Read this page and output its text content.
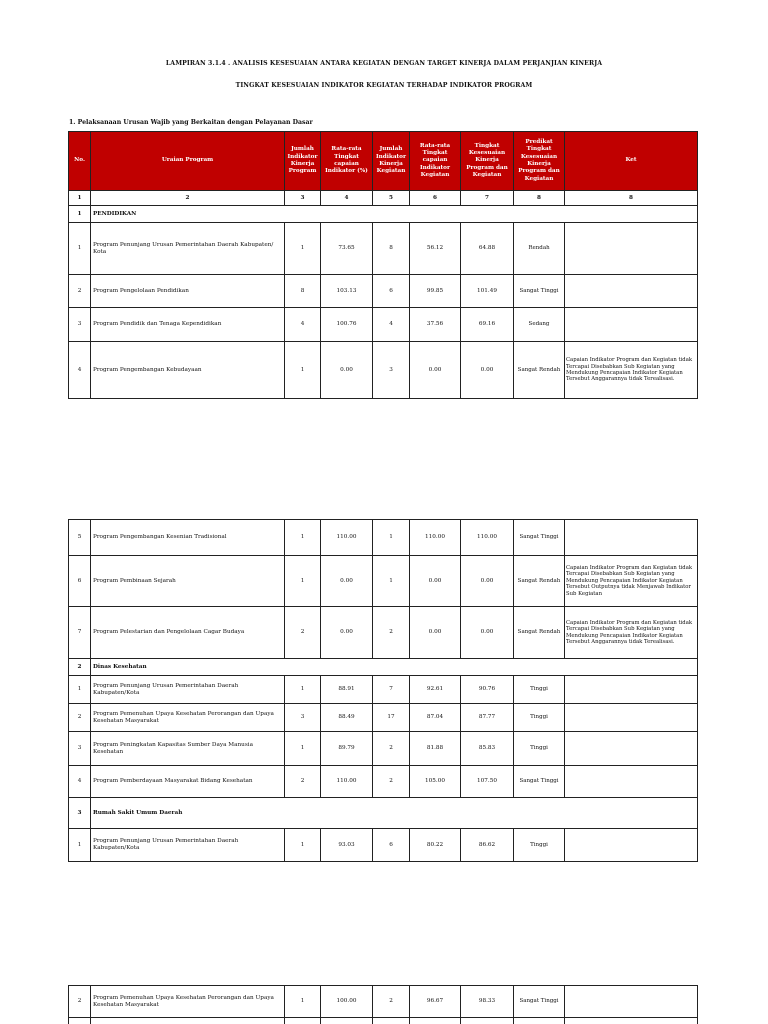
LAMPIRAN 3.1.4 . ANALISIS KESESUAIAN ANTARA KEGIATAN DENGAN TARGET KINERJA DALAM PERJANJIAN KINERJA
TINGKAT KESESUAIAN INDIKATOR KEGIATAN TERHADAP INDIKATOR PROGRAM
1. Pelaksanaan Urusan Wajib yang Berkaitan dengan Pelayanan Dasar
No.	Uraian Program	Jumlah Indikator Kinerja Program	Rata-rata Tingkat capaian Indikator (%)	Jumlah Indikator Kinerja Kegiatan	Rata-rata Tingkat capaian Indikator Kegiatan	Tingkat Kesesuaian Kinerja Program dan Kegiatan	Predikat Tingkat Kesesuaian Kinerja Program dan Kegiatan	Ket
1	2	3	4	5	6	7	8	8
1	PENDIDIKAN							
1	Program Penunjang Urusan Pemerintahan Daerah Kabupaten/ Kota	1	73.65	8	56.12	64.88	Rendah	
2	Program Pengelolaan Pendidikan	8	103.13	6	99.85	101.49	Sangat Tinggi	
3	Program Pendidik dan Tenaga Kependidikan	4	100.76	4	37.56	69.16	Sedang	
4	Program Pengembangan Kebudayaan	1	0.00	3	0.00	0.00	Sangat Rendah	Capaian Indikator Program dan Kegiatan tidak Tercapai Disebabkan Sub Kegiatan yang Mendukung Pencapaian Indikator Kegiatan Tersebut Anggarannya tidak Terealisasi.
5	Program Pengembangan Kesenian Tradisional	1	110.00	1	110.00	110.00	Sangat Tinggi	
6	Program Pembinaan Sejarah	1	0.00	1	0.00	0.00	Sangat Rendah	Capaian Indikator Program dan Kegiatan tidak Tercapai Disebabkan Sub Kegiatan yang Mendukung Pencapaian Indikator Kegiatan Tersebut Outputnya tidak Menjawab Indikator Sub Kegiatan
7	Program Pelestarian dan Pengelolaan Cagar Budaya	2	0.00	2	0.00	0.00	Sangat Rendah	Capaian Indikator Program dan Kegiatan tidak Tercapai Disebabkan Sub Kegiatan yang Mendukung Pencapaian Indikator Kegiatan Tersebut Anggarannya tidak Terealisasi.
2	Dinas Kesehatan							
1	Program Penunjang Urusan Pemerintahan Daerah Kabupaten/Kota	1	88.91	7	92.61	90.76	Tinggi	
2	Program Pemenuhan Upaya Kesehatan Perorangan dan Upaya Kesehatan Masyarakat	3	88.49	17	87.04	87.77	Tinggi	
3	Program Peningkatan Kapasitas Sumber Daya Manusia Kesehatan	1	89.79	2	81.88	85.83	Tinggi	
4	Program Pemberdayaan Masyarakat Bidang Kesehatan	2	110.00	2	105.00	107.50	Sangat Tinggi	
3	Rumah Sakit Umum Daerah							
1	Program Penunjang Urusan Pemerintahan Daerah Kabupaten/Kota	1	93.03	6	80.22	86.62	Tinggi	
2	Program Pemenuhan Upaya Kesehatan Perorangan dan Upaya Kesehatan Masyarakat	1	100.00	2	96.67	98.33	Sangat Tinggi	
